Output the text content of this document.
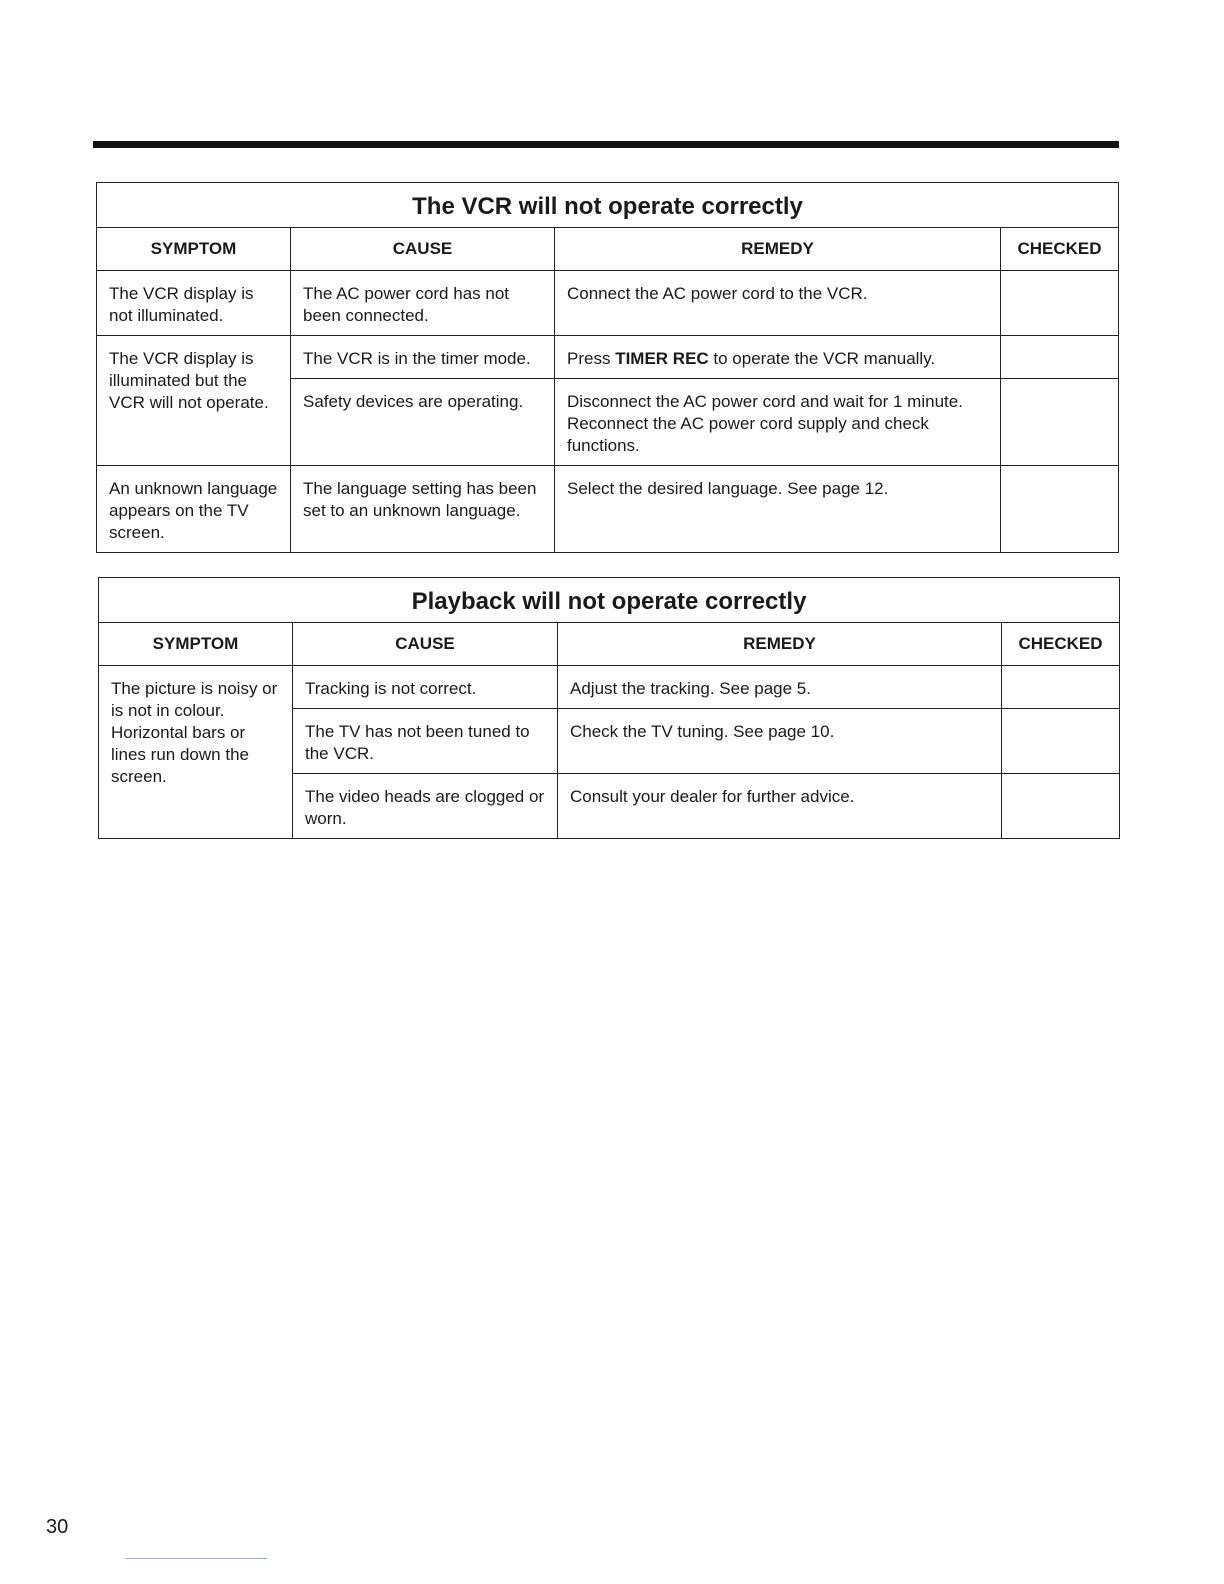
The VCR will not operate correctly			
SYMPTOM	CAUSE	REMEDY	CHECKED
The VCR display is not illuminated.	The AC power cord has not been connected.	Connect the AC power cord to the VCR.	
The VCR display is illuminated but the VCR will not operate.	The VCR is in the timer mode.	Press TIMER REC to operate the VCR manually.	
	Safety devices are operating.	Disconnect the AC power cord and wait for 1 minute. Reconnect the AC power cord supply and check functions.	
An unknown language appears on the TV screen.	The language setting has been set to an unknown language.	Select the desired language. See page 12.	
Playback will not operate correctly			
SYMPTOM	CAUSE	REMEDY	CHECKED
The picture is noisy or is not in colour. Horizontal bars or lines run down the screen.	Tracking is not correct.	Adjust the tracking. See page 5.	
	The TV has not been tuned to the VCR.	Check the TV tuning. See page 10.	
	The video heads are clogged or worn.	Consult your dealer for further advice.	
30
